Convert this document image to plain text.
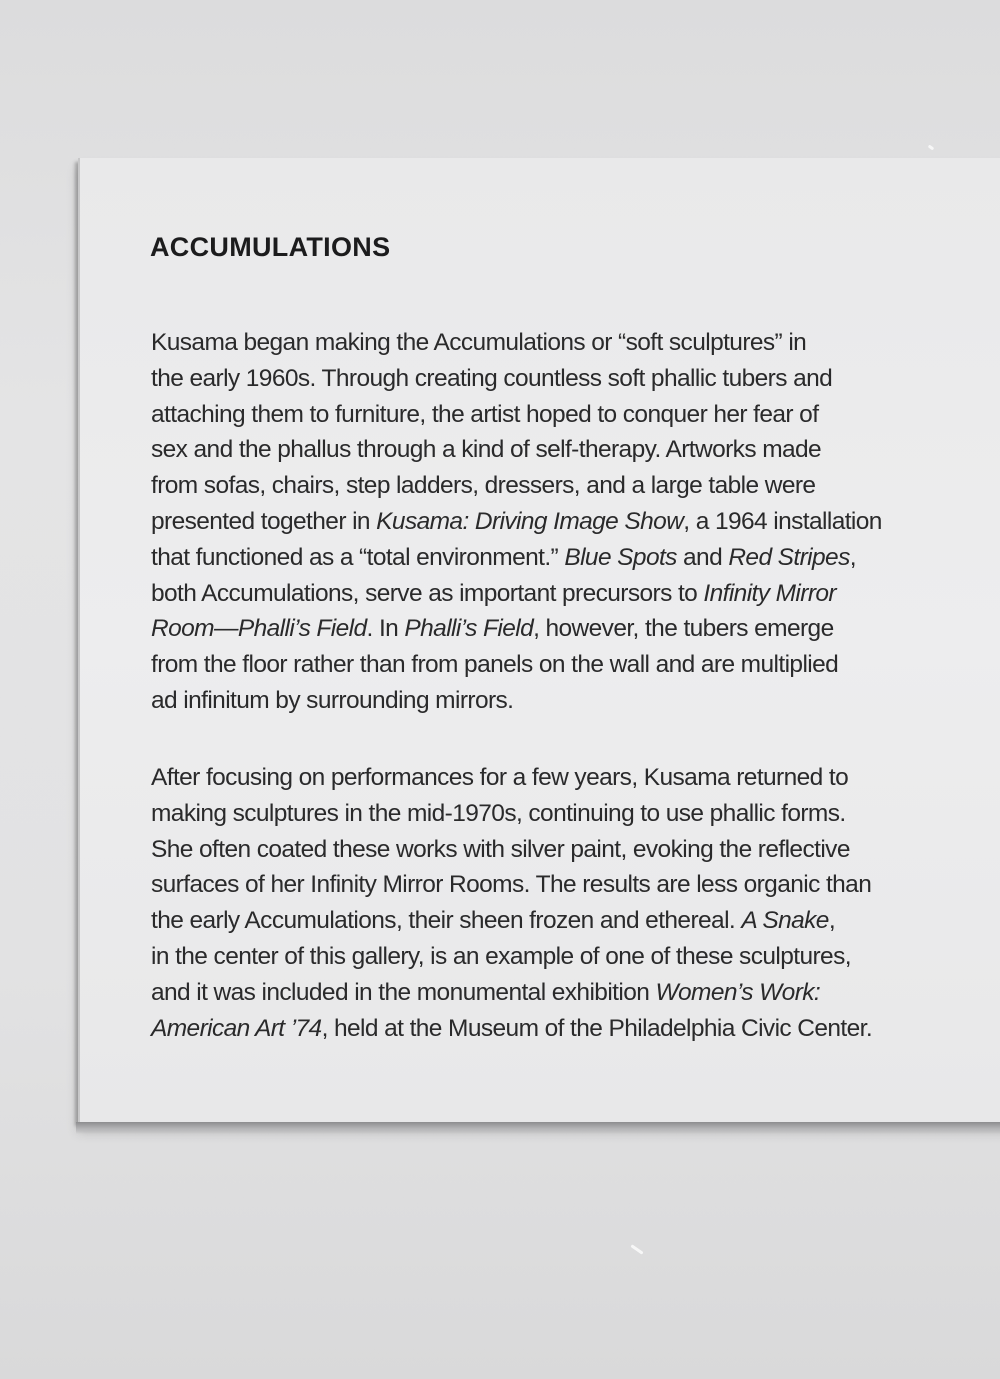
ACCUMULATIONS
Kusama began making the Accumulations or “soft sculptures” in
the early 1960s. Through creating countless soft phallic tubers and
attaching them to furniture, the artist hoped to conquer her fear of
sex and the phallus through a kind of self-therapy. Artworks made
from sofas, chairs, step ladders, dressers, and a large table were
presented together in Kusama: Driving Image Show, a 1964 installation
that functioned as a “total environment.” Blue Spots and Red Stripes,
both Accumulations, serve as important precursors to Infinity Mirror
Room—Phalli’s Field. In Phalli’s Field, however, the tubers emerge
from the floor rather than from panels on the wall and are multiplied
ad infinitum by surrounding mirrors.
After focusing on performances for a few years, Kusama returned to
making sculptures in the mid-1970s, continuing to use phallic forms.
She often coated these works with silver paint, evoking the reflective
surfaces of her Infinity Mirror Rooms. The results are less organic than
the early Accumulations, their sheen frozen and ethereal. A Snake,
in the center of this gallery, is an example of one of these sculptures,
and it was included in the monumental exhibition Women’s Work:
American Art ’74, held at the Museum of the Philadelphia Civic Center.
